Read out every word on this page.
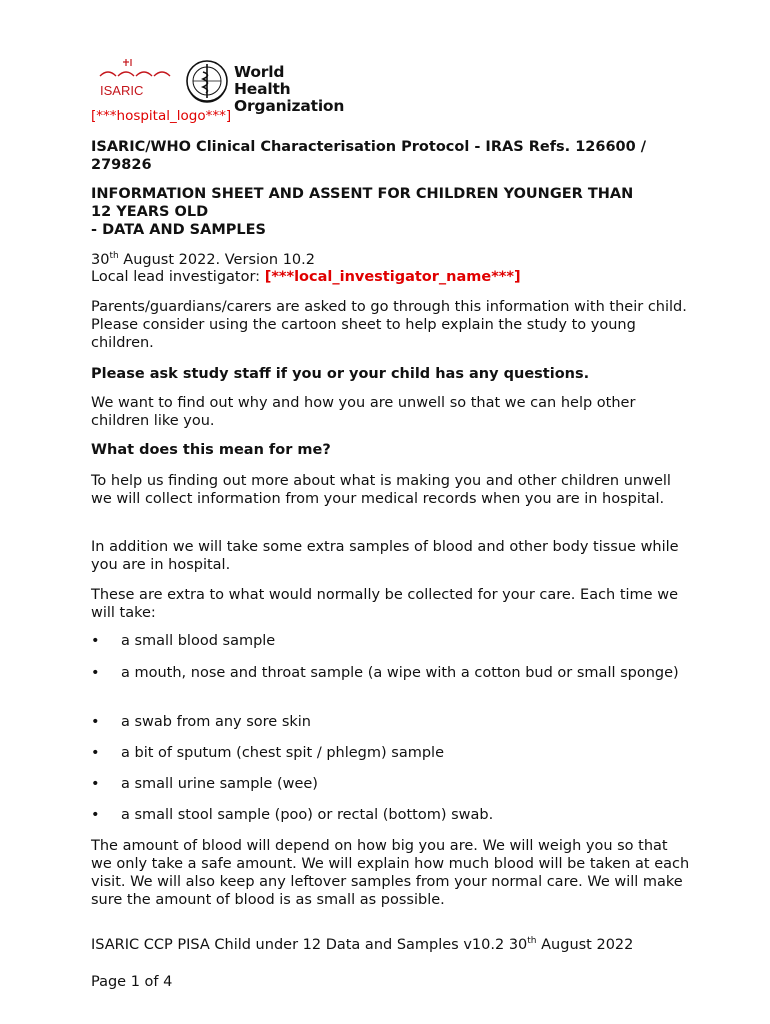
ISARIC
World Health
Organization
[***hospital_logo***]
ISARIC/WHO Clinical Characterisation Protocol - IRAS Refs. 126600 / 279826
INFORMATION SHEET AND ASSENT FOR CHILDREN YOUNGER THAN
12 YEARS OLD
- DATA AND SAMPLES
30th August 2022. Version 10.2
Local lead investigator: [***local_investigator_name***]
Parents/guardians/carers are asked to go through this information with their child. Please consider using the cartoon sheet to help explain the study to young children.
Please ask study staff if you or your child has any questions.
We want to find out why and how you are unwell so that we can help other children like you.
What does this mean for me?
To help us finding out more about what is making you and other children unwell we will collect information from your medical records when you are in hospital.
In addition we will take some extra samples of blood and other body tissue while you are in hospital.
These are extra to what would normally be collected for your care. Each time we will take:
•	a small blood sample
•	a mouth, nose and throat sample (a wipe with a cotton bud or small sponge)
•	a swab from any sore skin
•	a bit of sputum (chest spit / phlegm) sample
•	a small urine sample (wee)
•	a small stool sample (poo) or rectal (bottom) swab.
The amount of blood will depend on how big you are. We will weigh you so that we only take a safe amount. We will explain how much blood will be taken at each visit. We will also keep any leftover samples from your normal care. We will make sure the amount of blood is as small as possible.
ISARIC CCP PISA Child under 12 Data and Samples v10.2 30th August 2022
Page 1 of 4
